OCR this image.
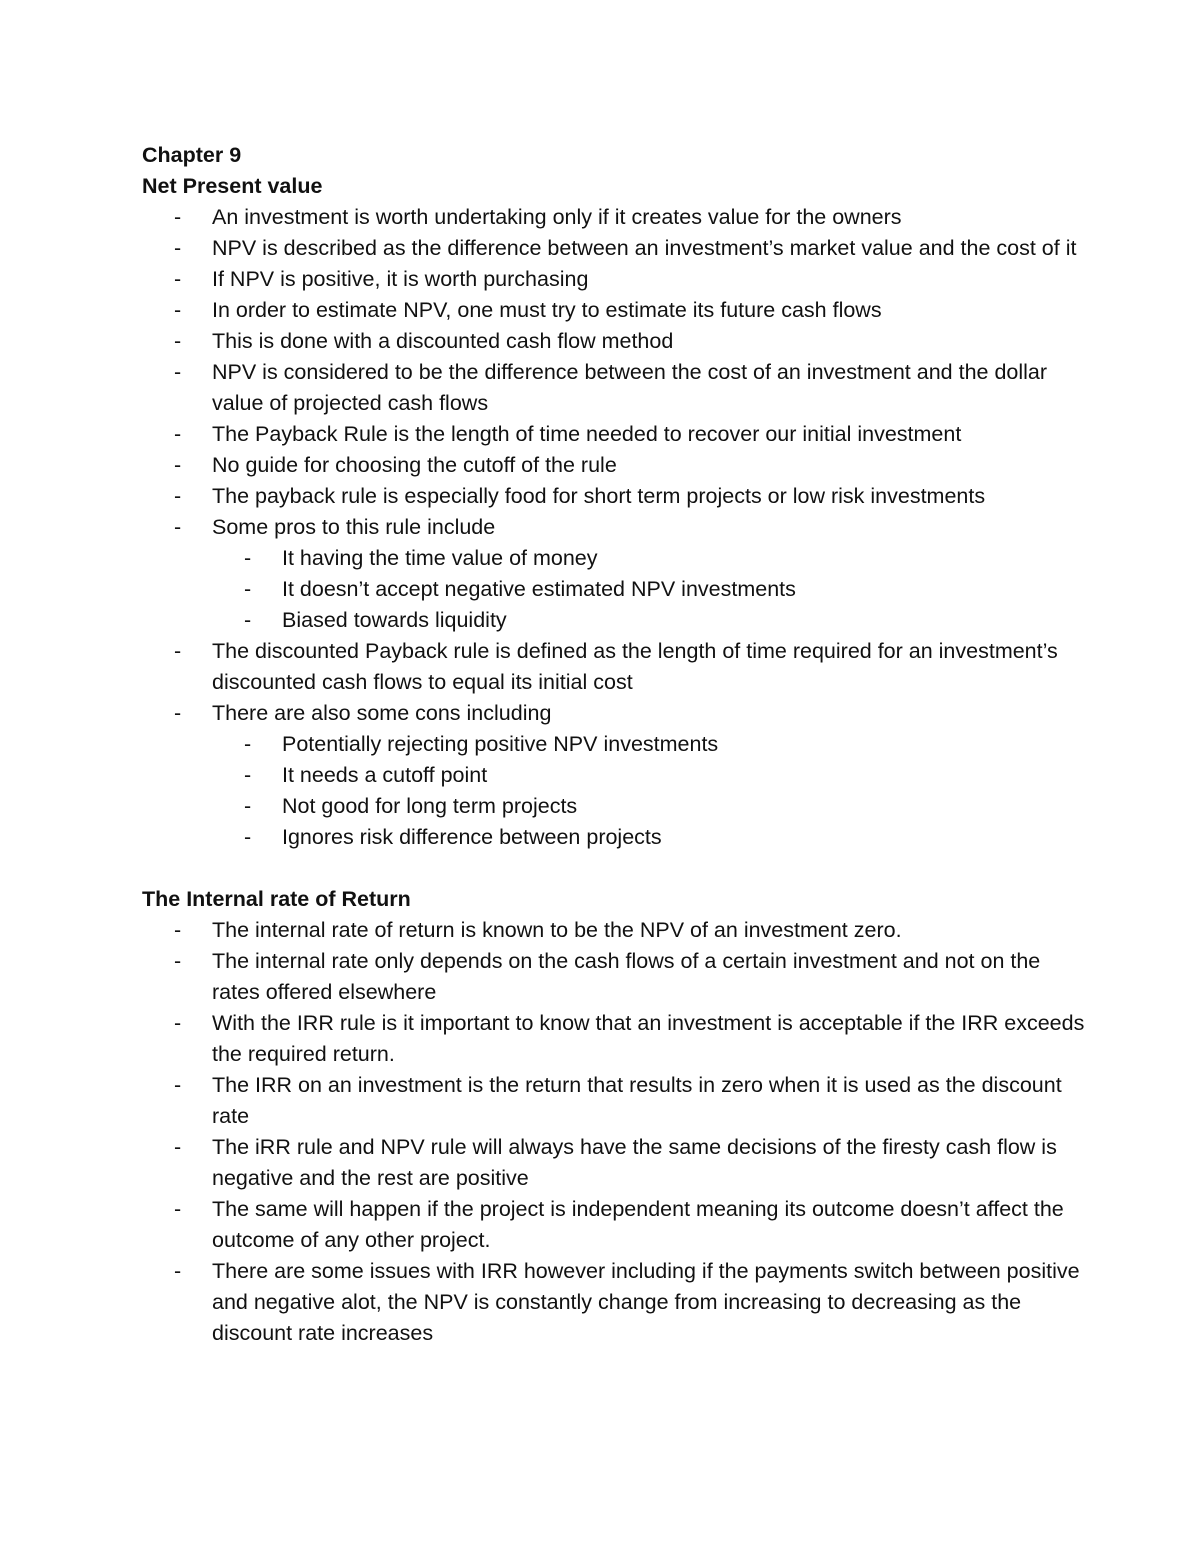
Chapter 9
Net Present value
- An investment is worth undertaking only if it creates value for the owners
- NPV is described as the difference between an investment’s market value and the cost of it
- If NPV is positive, it is worth purchasing
- In order to estimate NPV, one must try to estimate its future cash flows
- This is done with a discounted cash flow method
- NPV is considered to be the difference between the cost of an investment and the dollar value of projected cash flows
- The Payback Rule is the length of time needed to recover our initial investment
- No guide for choosing the cutoff of the rule
- The payback rule is especially food for short term projects or low risk investments
- Some pros to this rule include
- It having the time value of money
- It doesn’t accept negative estimated NPV investments
- Biased towards liquidity
- The discounted Payback rule is defined as the length of time required for an investment’s discounted cash flows to equal its initial cost
- There are also some cons including
- Potentially rejecting positive NPV investments
- It needs a cutoff point
- Not good for long term projects
- Ignores risk difference between projects
The Internal rate of Return
- The internal rate of return is known to be the NPV of an investment zero.
- The internal rate only depends on the cash flows of a certain investment and not on the rates offered elsewhere
- With the IRR rule is it important to know that an investment is acceptable if the IRR exceeds the required return.
- The IRR on an investment is the return that results in zero when it is used as the discount rate
- The iRR rule and NPV rule will always have the same decisions of the firesty cash flow is negative and the rest are positive
- The same will happen if the project is independent meaning its outcome doesn’t affect the outcome of any other project.
- There are some issues with IRR however including if the payments switch between positive and negative alot, the NPV is constantly change from increasing to decreasing as the discount rate increases
